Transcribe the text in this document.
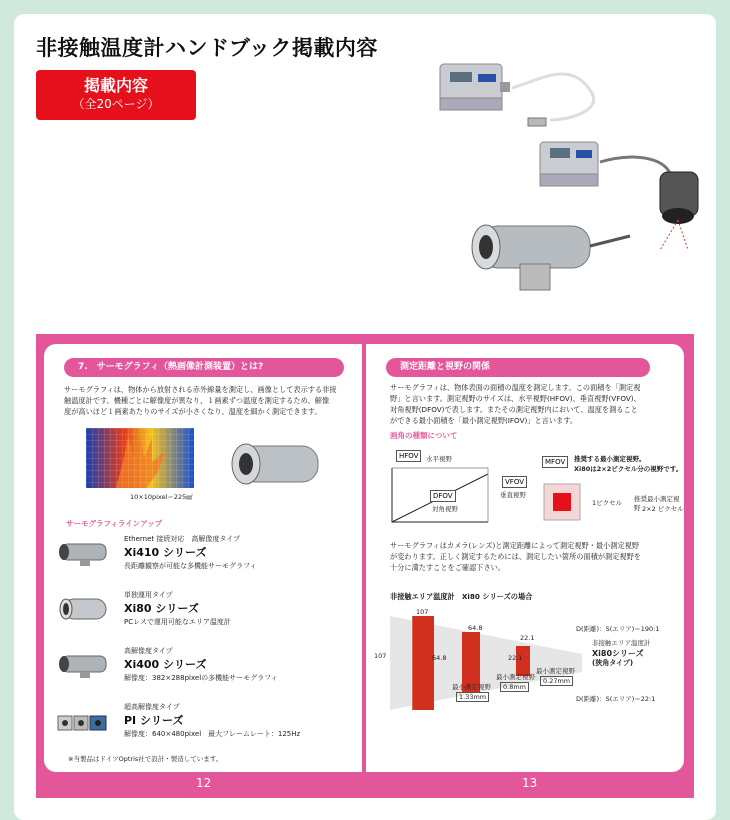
非接触温度計ハンドブック掲載内容
掲載内容
（全20ページ）
7.　サーモグラフィ（熱画像計測装置）とは?
サーモグラフィは、物体から放射される赤外線量を測定し、画像として表示する非接
触温度計です。機種ごとに解像度が異なり、１画素ずつ温度を測定するため、解像
度が高いほど１画素あたりのサイズが小さくなり、温度を細かく測定できます。
10×10pixel＝225㎟
サーモグラフィラインアップ
Ethernet 接続対応　高解像度タイプ
Xi410 シリーズ
長距離観察が可能な多機能サーモグラフィ
単独運用タイプ
Xi80 シリーズ
PCレスで運用可能なエリア温度計
高解像度タイプ
Xi400 シリーズ
解像度：382×288pixelの多機能サーモグラフィ
超高解像度タイプ
PI シリーズ
解像度：640×480pixel　最大フレームレート：125Hz
※当製品はドイツOptris社で設計・製造しています。
測定距離と視野の関係
サーモグラフィは、物体表面の面積の温度を測定します。この面積を「測定視
野」と言います。測定視野のサイズは、水平視野(HFOV)、垂直視野(VFOV)、
対角視野(DFOV)で表します。またその測定視野内において、温度を測ること
ができる最小面積を「最小測定視野(IFOV)」と言います。
画角の種類について
HFOV	水平視野
VFOV
垂直視野
DFOV
対角視野
MFOV	推奨する最小測定視野。
Xi80は2×2ピクセル分の視野です。
1ピクセル 推奨最小測定視野 2×2 ピクセル
サーモグラフィはカメラ(レンズ)と測定距離によって測定視野・最小測定視野
が変わります。正しく測定するためには、測定したい箇所の面積が測定視野を
十分に満たすことをご確認下さい。
非接触エリア温度計　Xi80 シリーズの場合
107
107
64.8
64.8
22.1
22.1
D(距離)：S(エリア)＝190:1
非接触エリア温度計
Xi80シリーズ
(狭角タイプ)
最小測定視野
1.33mm
最小測定視野
0.8mm
最小測定視野
0.27mm
D(距離)：S(エリア)＝22:1
12	13
